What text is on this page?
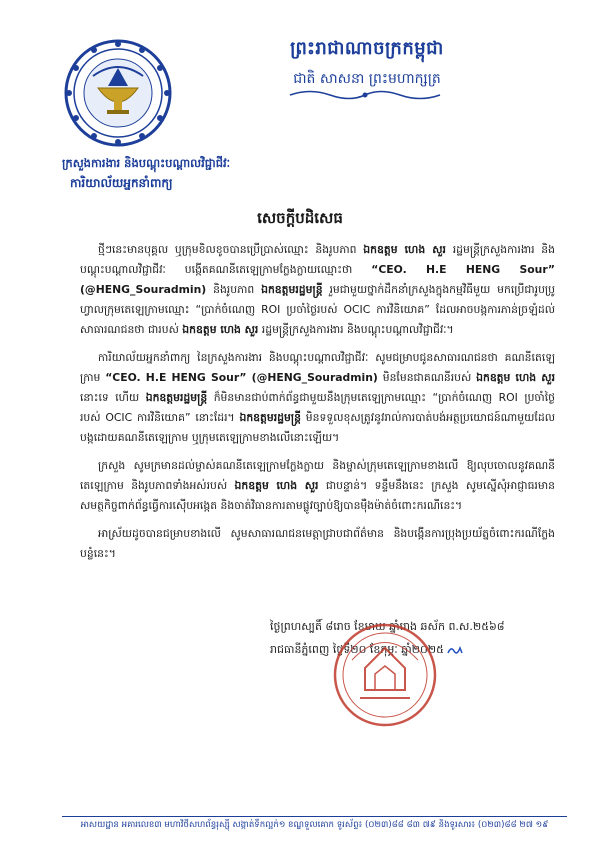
ព្រះរាជាណាចក្រកម្ពុជា
ជាតិ សាសនា ព្រះមហាក្សត្រ
ក្រសួងការងារ និងបណ្ដុះបណ្ដាលវិជ្ជាជីវៈ
ការិយាល័យអ្នកនាំពាក្យ
សេចក្ដីបដិសេធ

ថ្មីៗនេះមានបុគ្គល ឬក្រុមខិលខូចបានប្រើប្រាស់ឈ្មោះ និងរូបភាព ឯកឧត្តម ហេង សួរ រដ្ឋមន្ត្រីក្រសួងការងារ និងបណ្ដុះបណ្ដាលវិជ្ជាជីវៈ បង្កើតគណនីតេឡេក្រាមក្លែងក្លាយឈ្មោះថា “CEO. H.E HENG Sour” (@HENG_Souradmin) និងរូបភាព ឯកឧត្តមរដ្ឋមន្ត្រី រួមជាមួយថ្នាក់ដឹកនាំក្រសួងក្នុងកម្មវិធីមួយ មកប្រើជារូបប្រូហ្វាលក្រុមតេឡេក្រាមឈ្មោះ “ប្រាក់ចំណេញ ROI ប្រចាំថ្ងៃរបស់ OCIC ការវិនិយោគ” ដែលអាចបង្កការភាន់ច្រឡំដល់សាធារណជនថា ជារបស់ ឯកឧត្តម ហេង សួរ រដ្ឋមន្ត្រីក្រសួងការងារ និងបណ្ដុះបណ្ដាលវិជ្ជាជីវៈ។

ការិយាល័យអ្នកនាំពាក្យ នៃក្រសួងការងារ និងបណ្ដុះបណ្ដាលវិជ្ជាជីវៈ សូមជម្រាបជូនសាធារណជនថា គណនីតេឡេក្រាម “CEO. H.E HENG Sour” (@HENG_Souradmin) មិនមែនជាគណនីរបស់ ឯកឧត្តម ហេង សួរ នោះទេ ហើយ ឯកឧត្តមរដ្ឋមន្ត្រី ក៏មិនមានជាប់ពាក់ព័ន្ធជាមួយនឹងក្រុមតេឡេក្រាមឈ្មោះ “ប្រាក់ចំណេញ ROI ប្រចាំថ្ងៃរបស់ OCIC ការវិនិយោគ” នោះដែរ។ ឯកឧត្តមរដ្ឋមន្ត្រី មិនទទួលខុសត្រូវនូវរាល់ការបាត់បង់អត្ថប្រយោជន៍ណាមួយដែលបង្កដោយគណនីតេឡេក្រាម ឬក្រុមតេឡេក្រាមខាងលើនោះឡើយ។

ក្រសួង សូមក្រមានដល់ម្ចាស់គណនីតេឡេក្រាមក្លែងក្លាយ និងម្ចាស់ក្រុមតេឡេក្រាមខាងលើ ឱ្យលុបចោលនូវគណនីតេឡេក្រាម និងរូបភាពទាំងអស់របស់ ឯកឧត្តម ហេង សួរ ជាបន្ទាន់។ ទន្ទឹមនឹងនេះ ក្រសួង សូមស្នើសុំអាជ្ញាធរមានសមត្ថកិច្ចពាក់ព័ន្ធធ្វើការស៊ើបអង្កេត និងចាត់វិធានការតាមផ្លូវច្បាប់ឱ្យបានម៉ឺងម៉ាត់ចំពោះករណីនេះ។

អាស្រ័យដូចបានជម្រាបខាងលើ សូមសាធារណជនមេត្តាជ្រាបជាព័ត៌មាន និងបង្កើនការប្រុងប្រយ័ត្នចំពោះករណីក្លែងបន្លំនេះ។

ថ្ងៃព្រហស្បតិ៍ ៨រោច ខែមាឃ ឆ្នាំរោង ឆស័ក ព.ស.២៥៦៨
រាជធានីភ្នំពេញ ថ្ងៃទី២០ ខែកុម្ភៈ ឆ្នាំ២០២៥
អាសយដ្ឋាន អគារលេខ៣ មហាវិថីសហព័ន្ធរុស្ស៊ី សង្កាត់ទឹកល្អក់១ ខណ្ឌទួលគោក ទូរស័ព្ទ៖ (០២៣)៨៨ ៨៣ ៧៩ និងទូរសារ៖ (០២៣)៨៨ ២៧ ១៩
